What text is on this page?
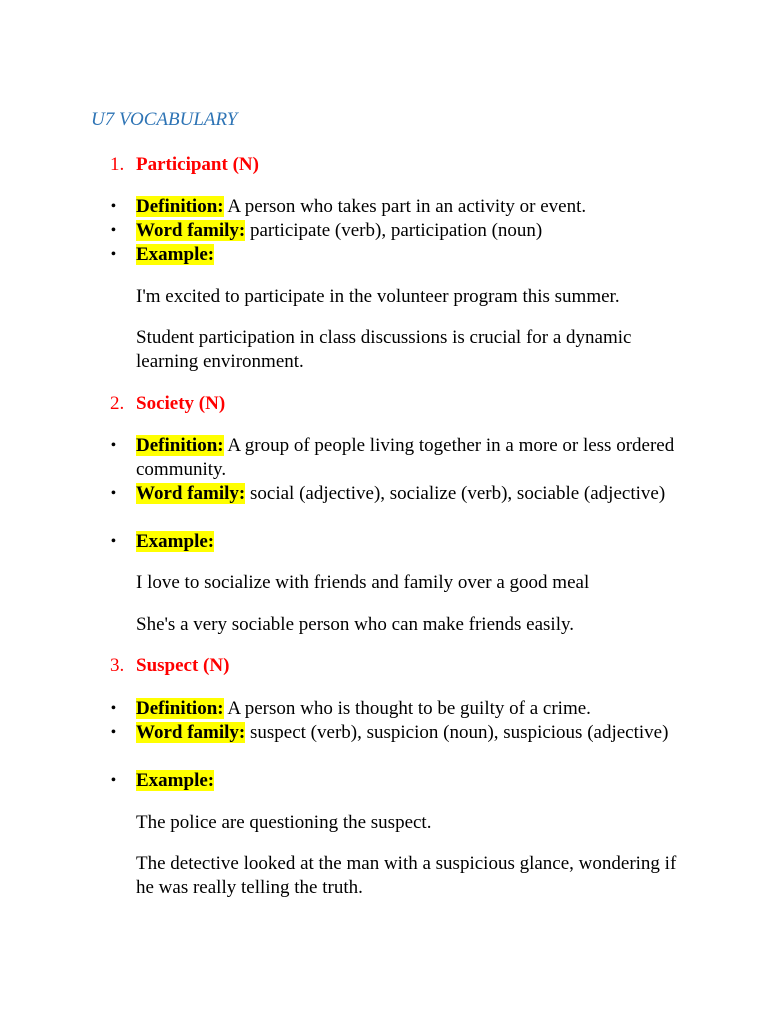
U7 VOCABULARY
1. Participant (N)
• Definition: A person who takes part in an activity or event.
• Word family: participate (verb), participation (noun)
• Example:
I'm excited to participate in the volunteer program this summer.
Student participation in class discussions is crucial for a dynamic learning environment.
2. Society (N)
• Definition: A group of people living together in a more or less ordered community.
• Word family: social (adjective), socialize (verb), sociable (adjective)
• Example:
I love to socialize with friends and family over a good meal
She's a very sociable person who can make friends easily.
3. Suspect (N)
• Definition: A person who is thought to be guilty of a crime.
• Word family: suspect (verb), suspicion (noun), suspicious (adjective)
• Example:
The police are questioning the suspect.
The detective looked at the man with a suspicious glance, wondering if he was really telling the truth.
